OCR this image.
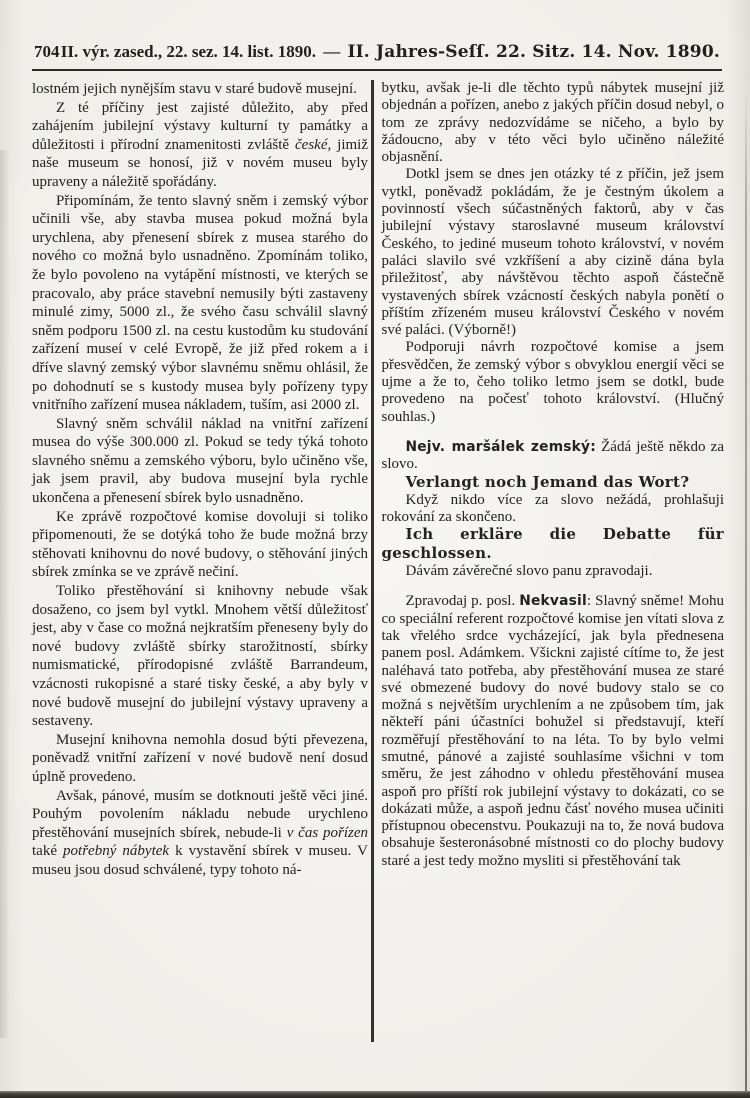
704 II. výr. zased., 22. sez. 14. list. 1890. — II. Jahres-Seſſ. 22. Sitz. 14. Nov. 1890.

lostném jejich nynějším stavu v staré budově musejní.

Z té příčiny jest zajisté důležito, aby před zahájením jubilejní výstavy kulturní ty památky a důležitosti i přírodní znamenitosti zvláště české, jimiž naše museum se honosí, již v novém museu byly upraveny a náležitě spořádány.

Připomínám, že tento slavný sněm i zemský výbor učinili vše, aby stavba musea pokud možná byla urychlena, aby přenesení sbírek z musea starého do nového co možná bylo usnadněno. Zpomínám toliko, že bylo povoleno na vytápění místnosti, ve kterých se pracovalo, aby práce stavební nemusily býti zastaveny minulé zimy, 5000 zl., že svého času schválil slavný sněm podporu 1500 zl. na cestu kustodům ku studování zařízení museí v celé Evropě, že již před rokem a i dříve slavný zemský výbor slavnému sněmu ohlásil, že po dohodnutí se s kustody musea byly pořízeny typy vnitřního zařízení musea nákladem, tuším, asi 2000 zl.

Slavný sněm schválil náklad na vnitřní zařízení musea do výše 300.000 zl. Pokud se tedy týká tohoto slavného sněmu a zemského výboru, bylo učiněno vše, jak jsem pravil, aby budova musejní byla rychle ukončena a přenesení sbírek bylo usnadněno.

Ke zprávě rozpočtové komise dovoluji si toliko připomenouti, že se dotýká toho že bude možná brzy stěhovati knihovnu do nové budovy, o stěhování jiných sbírek zmínka se ve zprávě nečiní.

Toliko přestěhování si knihovny nebude však dosaženo, co jsem byl vytkl. Mnohem větší důležitosť jest, aby v čase co možná nejkratším přeneseny byly do nové budovy zvláště sbírky starožitností, sbírky numismatické, přírodopisné zvláště Barrandeum, vzácnosti rukopisné a staré tisky české, a aby byly v nové budově musejní do jubilejní výstavy upraveny a sestaveny.

Musejní knihovna nemohla dosud býti převezena, poněvadž vnitřní zařízení v nové budově není dosud úplně provedeno.

Avšak, pánové, musím se dotknouti ještě věci jiné. Pouhým povolením nákladu nebude urychleno přestěhování musejních sbírek, nebude-li v čas pořízen také potřebný nábytek k vystavění sbírek v museu. V museu jsou dosud schválené, typy tohoto ná-

bytku, avšak je-li dle těchto typů nábytek musejní již objednán a pořízen, anebo z jakých příčin dosud nebyl, o tom ze zprávy nedozvídáme se ničeho, a bylo by žádoucno, aby v této věci bylo učiněno náležité objasnění.

Dotkl jsem se dnes jen otázky té z příčin, jež jsem vytkl, poněvadž pokládám, že je čestným úkolem a povinností všech súčastněných faktorů, aby v čas jubilejní výstavy staroslavné museum království Českého, to jediné museum tohoto království, v novém paláci slavilo své vzkříšení a aby cizině dána byla přiležitosť, aby návštěvou těchto aspoň částečně vystavených sbírek vzácností českých nabyla ponětí o příštím zřízeném museu království Českého v novém své paláci. (Výborně!)

Podporuji návrh rozpočtové komise a jsem přesvědčen, že zemský výbor s obvyklou energií věci se ujme a že to, čeho toliko letmo jsem se dotkl, bude provedeno na počesť tohoto království. (Hlučný souhlas.)

Nejv. maršálek zemský: Žádá ještě někdo za slovo.

Verlangt noch Jemand das Wort?

Když nikdo více za slovo nežádá, prohlašuji rokování za skončeno.

Ich erkläre die Debatte für geschlossen.

Dávám závěrečné slovo panu zpravodaji.

Zpravodaj p. posl. Nekvasil: Slavný sněme! Mohu co speciální referent rozpočtové komise jen vítati slova z tak vřelého srdce vycházející, jak byla přednesena panem posl. Adámkem. Všickni zajisté cítíme to, že jest naléhavá tato potřeba, aby přestěhování musea ze staré své obmezené budovy do nové budovy stalo se co možná s největším urychlením a ne způsobem tím, jak někteří páni účastníci bohužel si představují, kteří rozměřují přestěhování to na léta. To by bylo velmi smutné, pánové a zajisté souhlasíme všichni v tom směru, že jest záhodno v ohledu přestěhování musea aspoň pro příští rok jubilejní výstavy to dokázati, co se dokázati může, a aspoň jednu čásť nového musea učiniti přístupnou obecenstvu. Poukazuji na to, že nová budova obsahuje šesteronásobné místnosti co do plochy budovy staré a jest tedy možno mysliti si přestěhování tak
